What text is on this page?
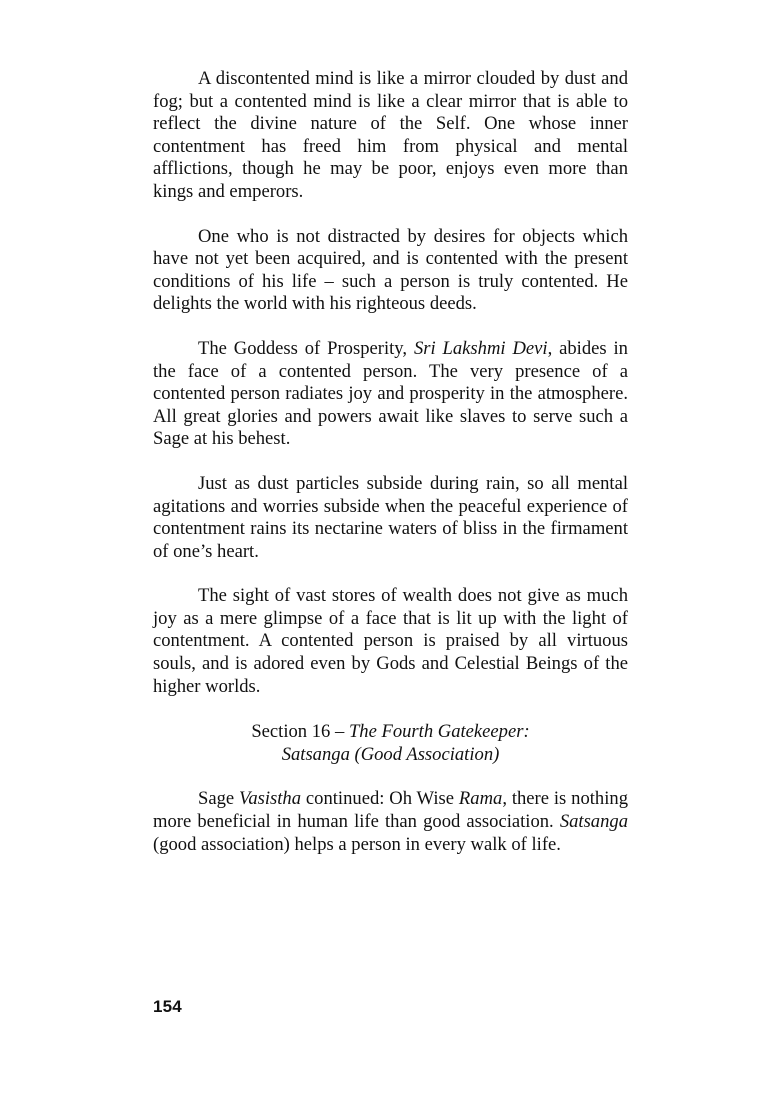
A discontented mind is like a mirror clouded by dust and fog; but a contented mind is like a clear mirror that is able to reflect the divine nature of the Self. One whose inner contentment has freed him from physical and mental afflictions, though he may be poor, enjoys even more than kings and emperors.

One who is not distracted by desires for objects which have not yet been acquired, and is contented with the present conditions of his life – such a person is truly contented. He delights the world with his righteous deeds.

The Goddess of Prosperity, Sri Lakshmi Devi, abides in the face of a contented person. The very presence of a contented person radiates joy and prosperity in the atmosphere. All great glories and powers await like slaves to serve such a Sage at his behest.

Just as dust particles subside during rain, so all mental agitations and worries subside when the peaceful experience of contentment rains its nectarine waters of bliss in the firmament of one’s heart.

The sight of vast stores of wealth does not give as much joy as a mere glimpse of a face that is lit up with the light of contentment. A contented person is praised by all virtuous souls, and is adored even by Gods and Celestial Beings of the higher worlds.

Section 16 – The Fourth Gatekeeper:
Satsanga (Good Association)

Sage Vasistha continued: Oh Wise Rama, there is nothing more beneficial in human life than good association. Satsanga (good association) helps a person in every walk of life.

154
